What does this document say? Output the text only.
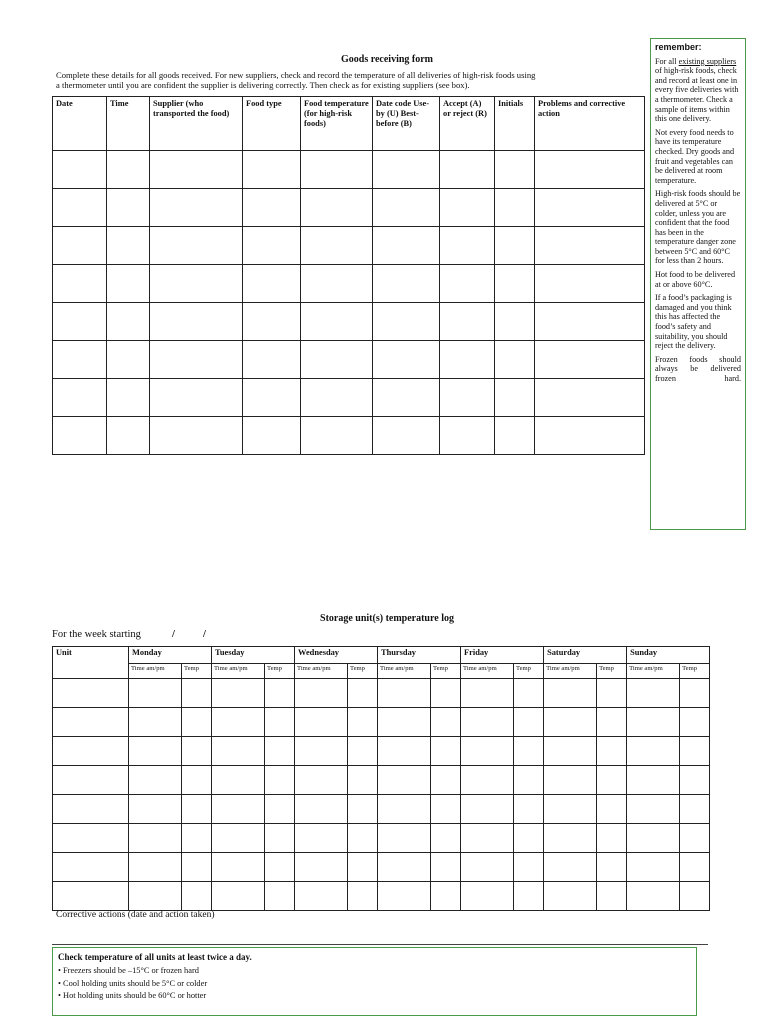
Goods receiving form
Complete these details for all goods received. For new suppliers, check and record the temperature of all deliveries of high-risk foods using
a thermometer until you are confident the supplier is delivering correctly. Then check as for existing suppliers (see box).
Date	Time	Supplier (who transported the food)	Food type	Food temperature (for high-risk foods)	Date code Use-by (U) Best-before (B)	Accept (A) or reject (R)	Initials	Problems and corrective action

remember:

For all existing suppliers of high-risk foods, check and record at least one in every five deliveries with a thermometer. Check a sample of items within this one delivery.

Not every food needs to have its temperature checked. Dry goods and fruit and vegetables can be delivered at room temperature.

High-risk foods should be delivered at 5°C or colder, unless you are confident that the food has been in the temperature danger zone between 5°C and 60°C for less than 2 hours.

Hot food to be delivered at or above 60°C.

If a food’s packaging is damaged and you think this has affected the food’s safety and suitability, you should reject the delivery.

Frozen foods should always be delivered frozen hard.

Storage unit(s) temperature log
For the week starting	/	/
Unit	Monday		Tuesday		Wednesday		Thursday		Friday		Saturday		Sunday	
	Time am/pm	Temp	Time am/pm	Temp	Time am/pm	Temp	Time am/pm	Temp	Time am/pm	Temp	Time am/pm	Temp	Time am/pm	Temp

Corrective actions (date and action taken)
Check temperature of all units at least twice a day.
• Freezers should be –15°C or frozen hard
• Cool holding units should be 5°C or colder
• Hot holding units should be 60°C or hotter
